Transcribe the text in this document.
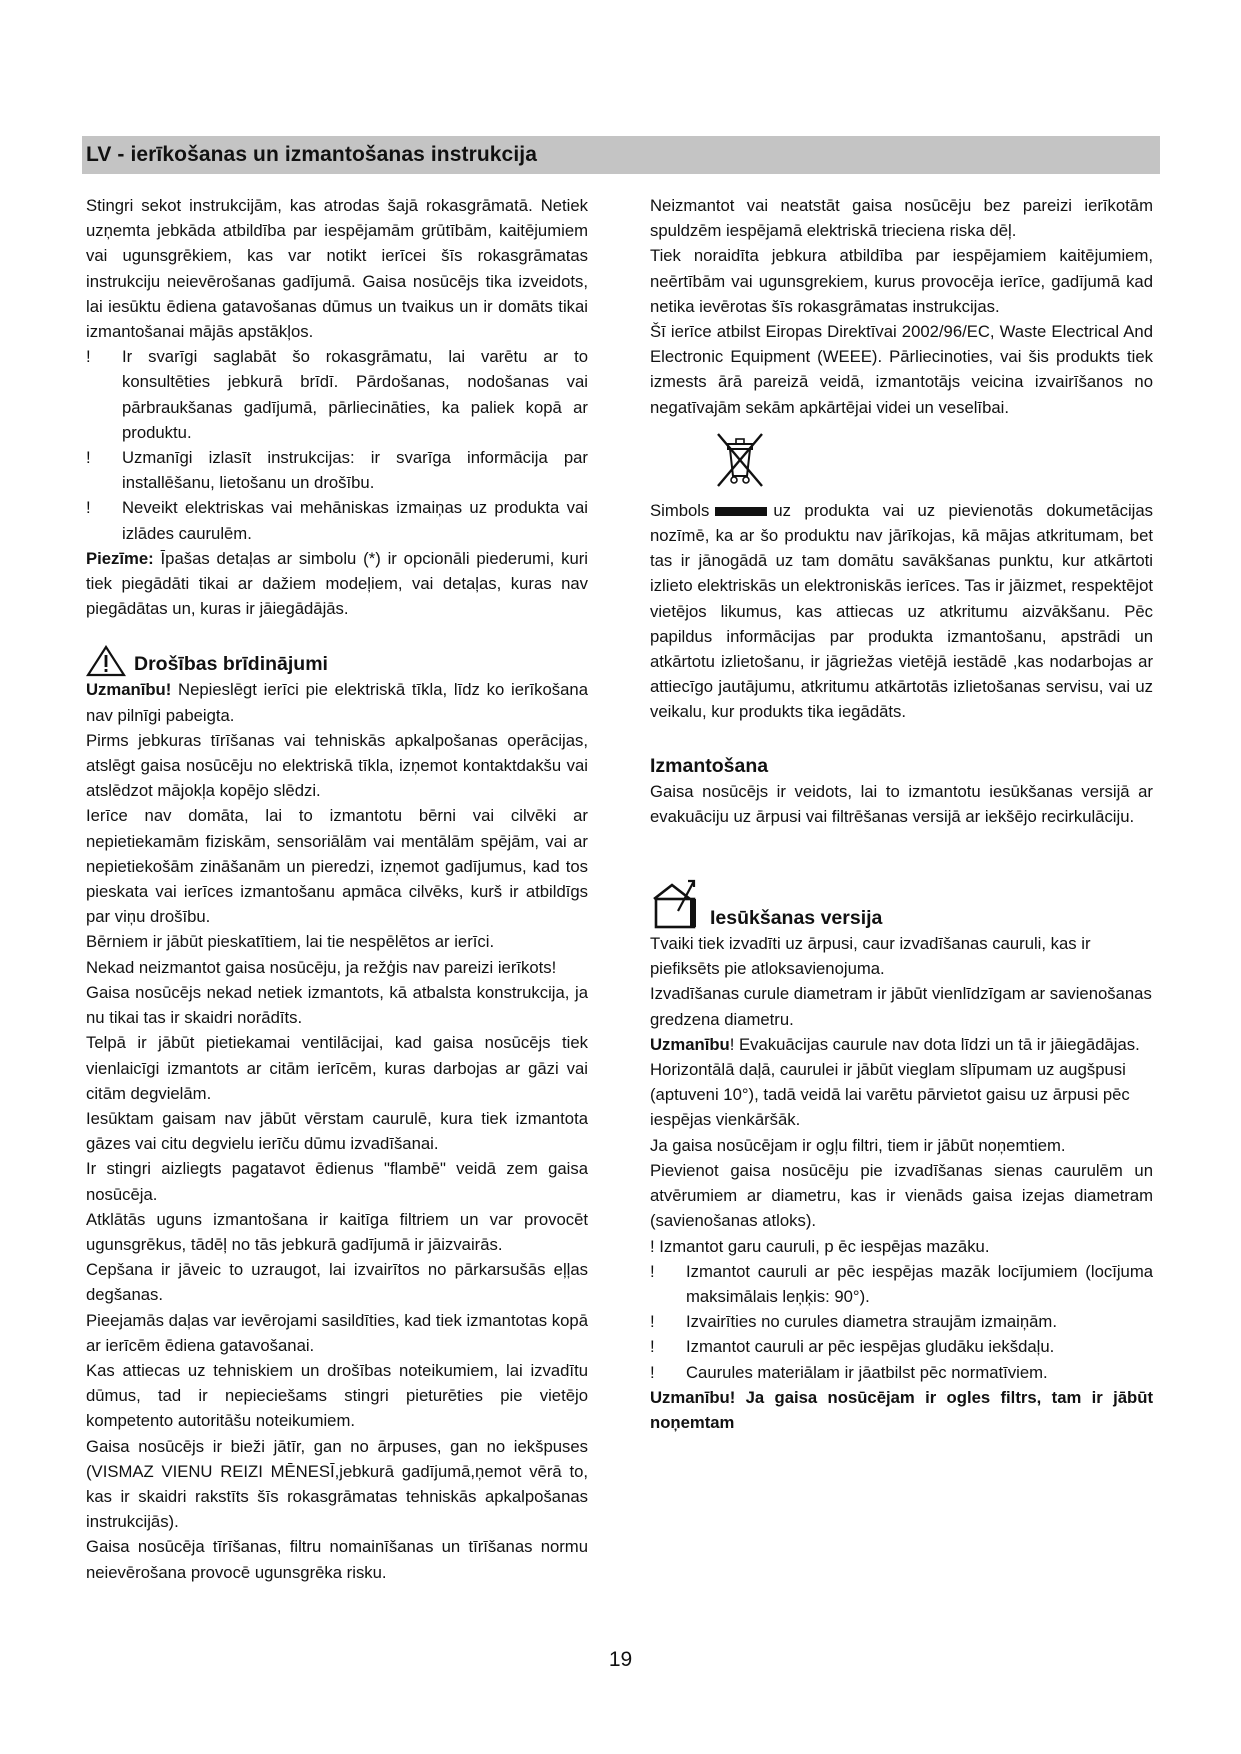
LV - ierīkošanas un izmantošanas instrukcija

Stingri sekot instrukcijām, kas atrodas šajā rokasgrāmatā. Netiek uzņemta jebkāda atbildība par iespējamām grūtībām, kaitējumiem vai ugunsgrēkiem, kas var notikt ierīcei šīs rokasgrāmatas instrukciju neievērošanas gadījumā. Gaisa nosūcējs tika izveidots, lai iesūktu ēdiena gatavošanas dūmus un tvaikus un ir domāts tikai izmantošanai mājās apstākļos.

!	Ir svarīgi saglabāt šo rokasgrāmatu, lai varētu ar to konsultēties jebkurā brīdī. Pārdošanas, nodošanas vai pārbraukšanas gadījumā, pārliecināties, ka paliek kopā ar produktu.
!	Uzmanīgi izlasīt instrukcijas: ir svarīga informācija par installēšanu, lietošanu un drošību.
!	Neveikt elektriskas vai mehāniskas izmaiņas uz produkta vai izlādes caurulēm.

Piezīme: Īpašas detaļas ar simbolu (*) ir opcionāli piederumi, kuri tiek piegādāti tikai ar dažiem modeļiem, vai detaļas, kuras nav piegādātas un, kuras ir jāiegādājās.

Drošības brīdinājumi

Uzmanību! Nepieslēgt ierīci pie elektriskā tīkla, līdz ko ierīkošana nav pilnīgi pabeigta.

Pirms jebkuras tīrīšanas vai tehniskās apkalpošanas operācijas, atslēgt gaisa nosūcēju no elektriskā tīkla, izņemot kontaktdakšu vai atslēdzot mājokļa kopējo slēdzi.

Ierīce nav domāta, lai to izmantotu bērni vai cilvēki ar nepietiekamām fiziskām, sensoriālām vai mentālām spējām, vai ar nepietiekošām zināšanām un pieredzi, izņemot gadījumus, kad tos pieskata vai ierīces izmantošanu apmāca cilvēks, kurš ir atbildīgs par viņu drošību.

Bērniem ir jābūt pieskatītiem, lai tie nespēlētos ar ierīci.

Nekad neizmantot gaisa nosūcēju, ja režģis nav pareizi ierīkots!

Gaisa nosūcējs nekad netiek izmantots, kā atbalsta konstrukcija, ja nu tikai tas ir skaidri norādīts.

Telpā ir jābūt pietiekamai ventilācijai, kad gaisa nosūcējs tiek vienlaicīgi izmantots ar citām ierīcēm, kuras darbojas ar gāzi vai citām degvielām.

Iesūktam gaisam nav jābūt vērstam caurulē, kura tiek izmantota gāzes vai citu degvielu ierīču dūmu izvadīšanai.

Ir stingri aizliegts pagatavot ēdienus "flambē" veidā zem gaisa nosūcēja.

Atklātās uguns izmantošana ir kaitīga filtriem un var provocēt ugunsgrēkus, tādēļ no tās jebkurā gadījumā ir jāizvairās.

Cepšana ir jāveic to uzraugot, lai izvairītos no pārkarsušās eļļas degšanas.

Pieejamās daļas var ievērojami sasildīties, kad tiek izmantotas kopā ar ierīcēm ēdiena gatavošanai.

Kas attiecas uz tehniskiem un drošības noteikumiem, lai izvadītu dūmus, tad ir nepieciešams stingri pieturēties pie vietējo kompetento autoritāšu noteikumiem.

Gaisa nosūcējs ir bieži jātīr, gan no ārpuses, gan no iekšpuses (VISMAZ VIENU REIZI MĒNESĪ,jebkurā gadījumā,ņemot vērā to, kas ir skaidri rakstīts šīs rokasgrāmatas tehniskās apkalpošanas instrukcijās).

Gaisa nosūcēja tīrīšanas, filtru nomainīšanas un tīrīšanas normu neievērošana provocē ugunsgrēka risku.

Neizmantot vai neatstāt gaisa nosūcēju bez pareizi ierīkotām spuldzēm iespējamā elektriskā trieciena riska dēļ.

Tiek noraidīta jebkura atbildība par iespējamiem kaitējumiem, neērtībām vai ugunsgrekiem, kurus provocēja ierīce, gadījumā kad netika ievērotas šīs rokasgrāmatas instrukcijas.

Šī ierīce atbilst Eiropas Direktīvai 2002/96/EC, Waste Electrical And Electronic Equipment (WEEE). Pārliecinoties, vai šis produkts tiek izmests ārā pareizā veidā, izmantotājs veicina izvairīšanos no negatīvajām sekām apkārtējai videi un veselībai.

Simbols	uz produkta vai uz pievienotās dokumetācijas nozīmē, ka ar šo produktu nav jārīkojas, kā mājas atkritumam, bet tas ir jānogādā uz tam domātu savākšanas punktu, kur atkārtoti izlieto elektriskās un elektroniskās ierīces. Tas ir jāizmet, respektējot vietējos likumus, kas attiecas uz atkritumu aizvākšanu. Pēc papildus informācijas par produkta izmantošanu, apstrādi un atkārtotu izlietošanu, ir jāgriežas vietējā iestādē ,kas nodarbojas ar attiecīgo jautājumu, atkritumu atkārtotās izlietošanas servisu, vai uz veikalu, kur produkts tika iegādāts.

Izmantošana

Gaisa nosūcējs ir veidots, lai to izmantotu iesūkšanas versijā ar evakuāciju uz ārpusi vai filtrēšanas versijā ar iekšējo recirkulāciju.

Iesūkšanas versija

Tvaiki tiek izvadīti uz ārpusi, caur izvadīšanas cauruli, kas ir piefiksēts pie atloksavienojuma.

Izvadīšanas curule diametram ir jābūt vienlīdzīgam ar savienošanas gredzena diametru.

Uzmanību! Evakuācijas caurule nav dota līdzi un tā ir jāiegādājas.

Horizontālā daļā, caurulei ir jābūt vieglam slīpumam uz augšpusi (aptuveni 10°), tadā veidā lai varētu pārvietot gaisu uz ārpusi pēc iespējas vienkāršāk.

Ja gaisa nosūcējam ir ogļu filtri, tiem ir jābūt noņemtiem.

Pievienot gaisa nosūcēju pie izvadīšanas sienas caurulēm un atvērumiem ar diametru, kas ir vienāds gaisa izejas diametram (savienošanas atloks).

! Izmantot garu cauruli, p ēc iespējas mazāku.

!	Izmantot cauruli ar pēc iespējas mazāk locījumiem (locījuma maksimālais leņķis: 90°).
!	Izvairīties no curules diametra straujām izmaiņām.
!	Izmantot cauruli ar pēc iespējas gludāku iekšdaļu.
!	Caurules materiālam ir jāatbilst pēc normatīviem.

Uzmanību! Ja gaisa nosūcējam ir ogles filtrs, tam ir jābūt noņemtam

19
